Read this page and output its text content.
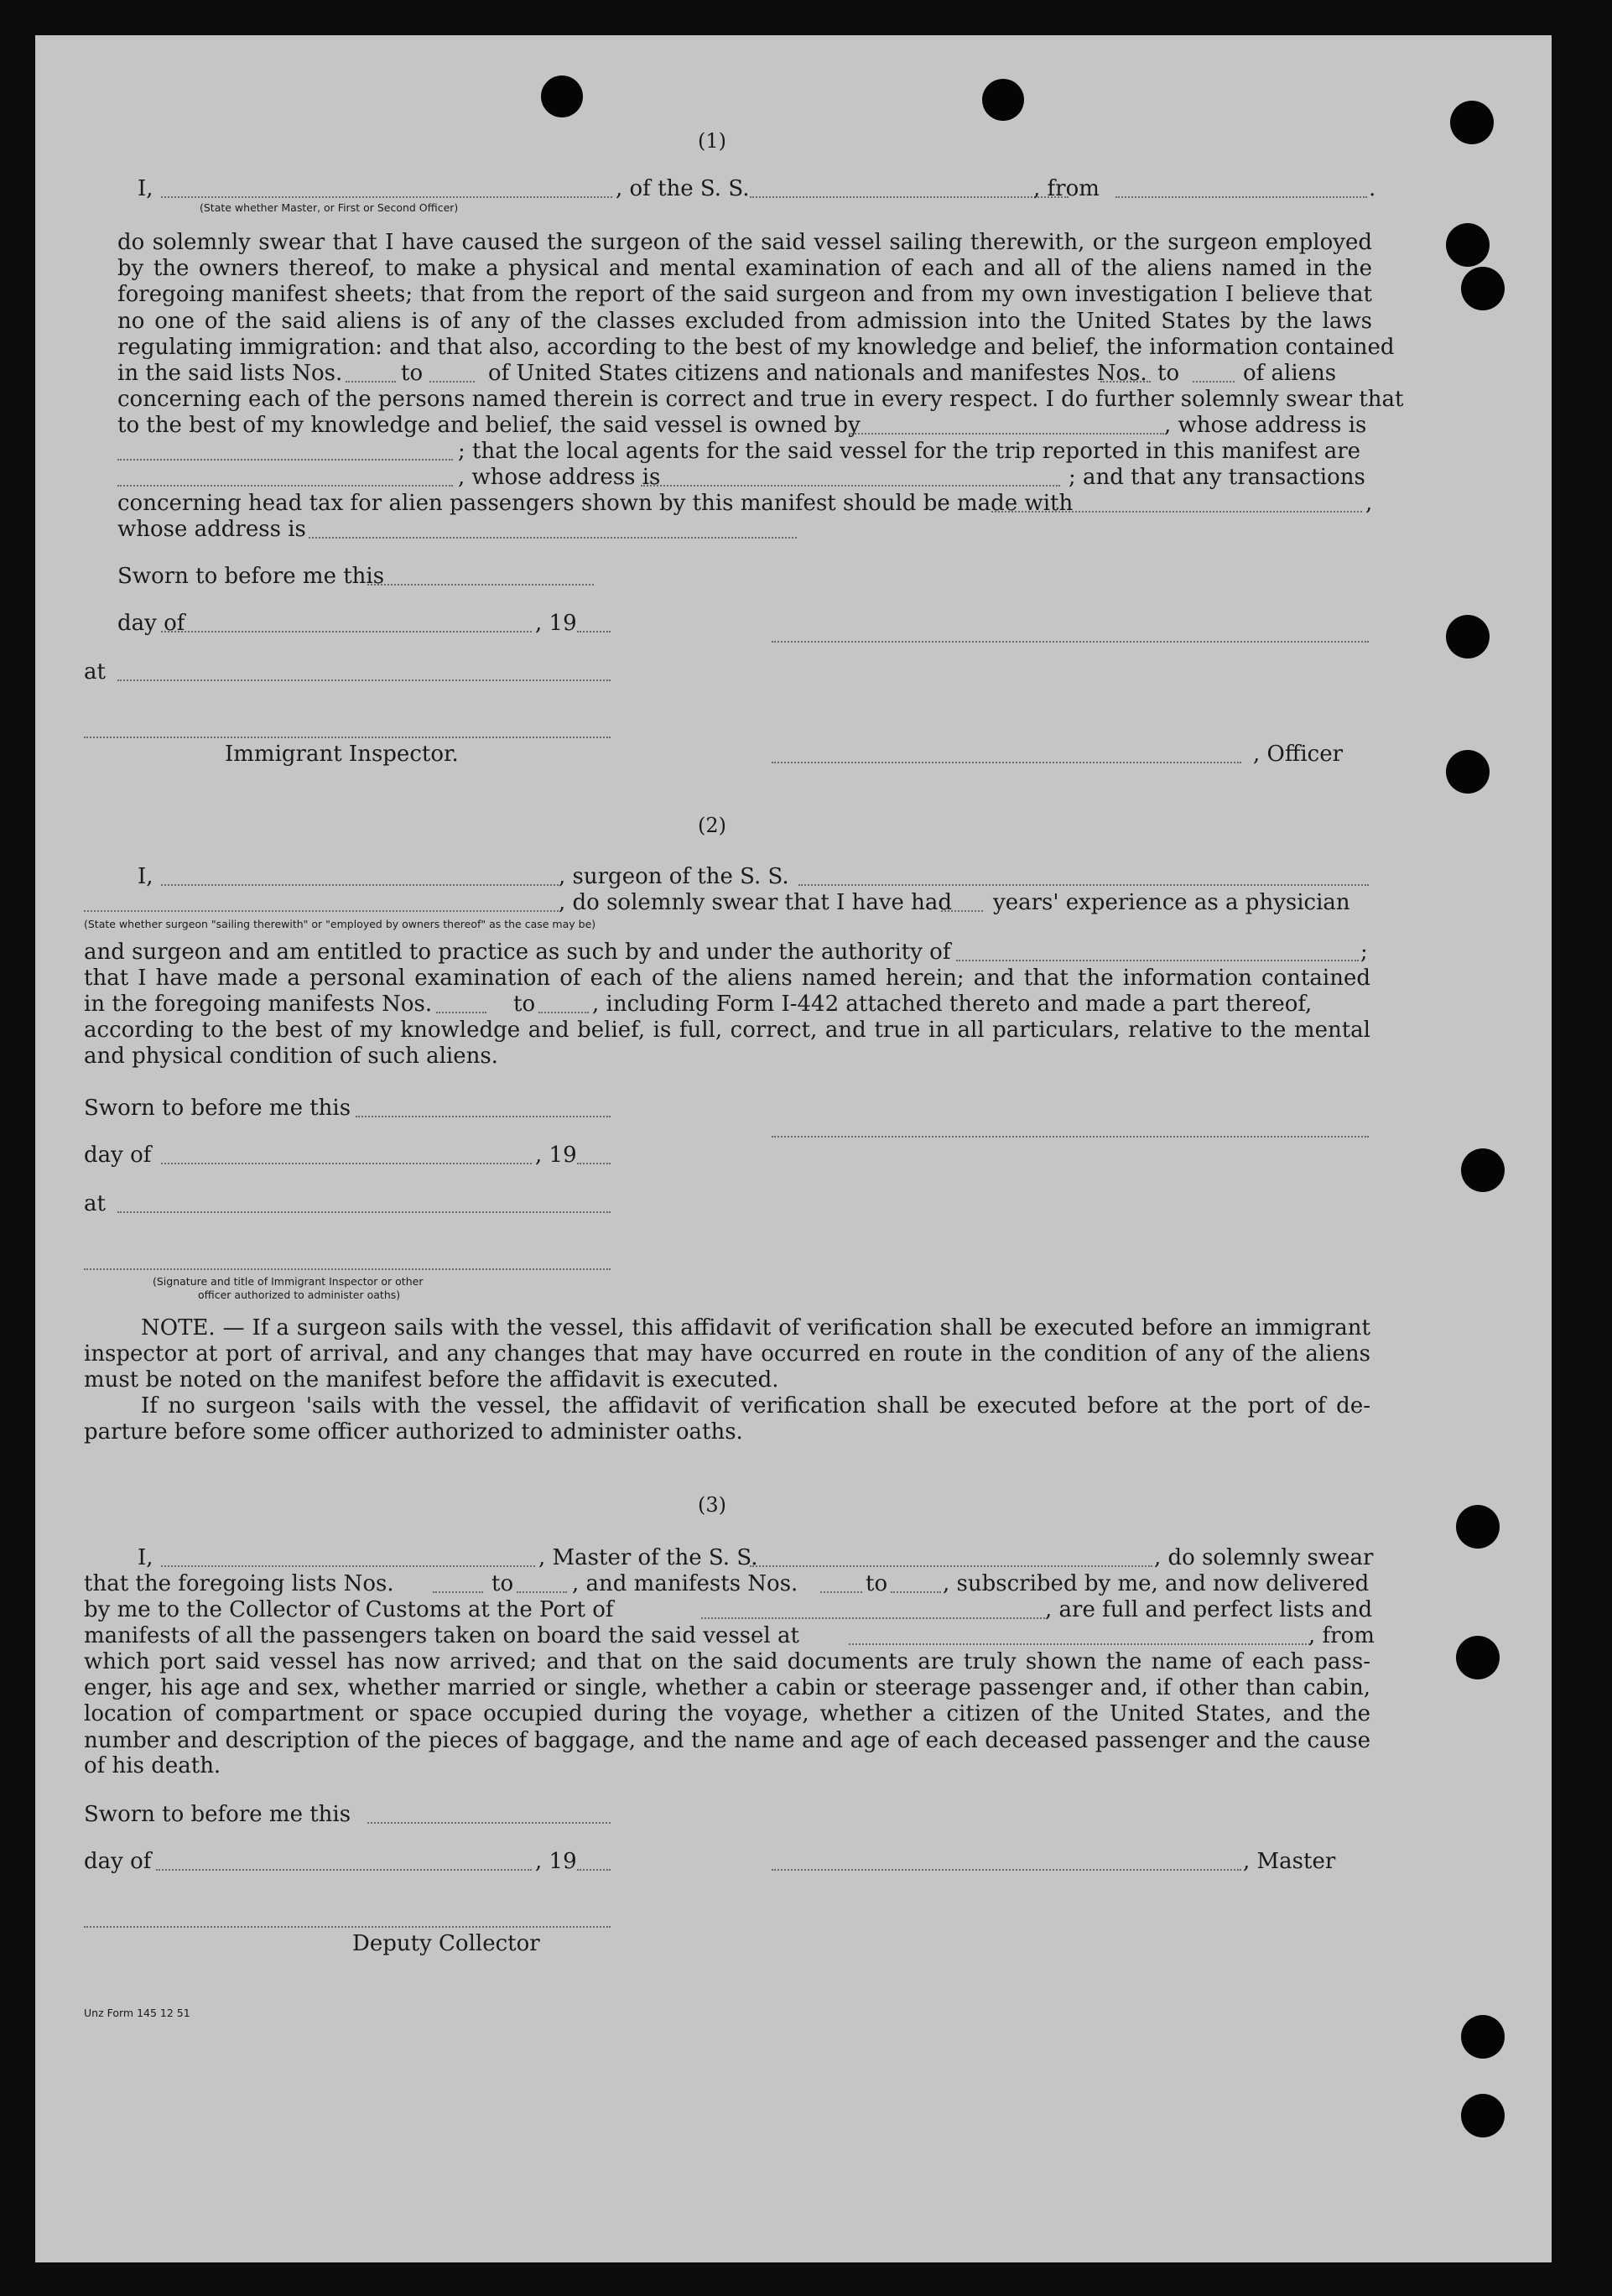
(1)
I,	, of the S. S.	, from	.
(State whether Master, or First or Second Officer)
do solemnly swear that I have caused the surgeon of the said vessel sailing therewith, or the surgeon employed
by the owners thereof, to make a physical and mental examination of each and all of the aliens named in the
foregoing manifest sheets; that from the report of the said surgeon and from my own investigation I believe that
no one of the said aliens is of any of the classes excluded from admission into the United States by the laws
regulating immigration: and that also, according to the best of my knowledge and belief, the information contained
in the said lists Nos.	to	of United States citizens and nationals and manifestes Nos. to	of aliens
concerning each of the persons named therein is correct and true in every respect. I do further solemnly swear that
to the best of my knowledge and belief, the said vessel is owned by	, whose address is
; that the local agents for the said vessel for the trip reported in this manifest are
, whose address is	; and that any transactions
concerning head tax for alien passengers shown by this manifest should be made with	,
whose address is
Sworn to before me this
day of	, 19
at
Immigrant Inspector.	, Officer
(2)
I,	, surgeon of the S. S.
, do solemnly swear that I have had years' experience as a physician
(State whether surgeon "sailing therewith" or "employed by owners thereof" as the case may be)
and surgeon and am entitled to practice as such by and under the authority of	;
that I have made a personal examination of each of the aliens named herein; and that the information contained
in the foregoing manifests Nos.	to	, including Form I-442 attached thereto and made a part thereof,
according to the best of my knowledge and belief, is full, correct, and true in all particulars, relative to the mental
and physical condition of such aliens.
Sworn to before me this
day of	, 19
at
(Signature and title of Immigrant Inspector or other
officer authorized to administer oaths)
NOTE. — If a surgeon sails with the vessel, this affidavit of verification shall be executed before an immigrant
inspector at port of arrival, and any changes that may have occurred en route in the condition of any of the aliens
must be noted on the manifest before the affidavit is executed.
If no surgeon 'sails with the vessel, the affidavit of verification shall be executed before at the port of de-
parture before some officer authorized to administer oaths.
(3)
I,	, Master of the S. S.	, do solemnly swear
that the foregoing lists Nos.	to	, and manifests Nos.	to	, subscribed by me, and now delivered
by me to the Collector of Customs at the Port of	, are full and perfect lists and
manifests of all the passengers taken on board the said vessel at	, from
which port said vessel has now arrived; and that on the said documents are truly shown the name of each pass-
enger, his age and sex, whether married or single, whether a cabin or steerage passenger and, if other than cabin,
location of compartment or space occupied during the voyage, whether a citizen of the United States, and the
number and description of the pieces of baggage, and the name and age of each deceased passenger and the cause
of his death.
Sworn to before me this
day of	, 19	, Master
Deputy Collector
Unz Form 145 12 51
